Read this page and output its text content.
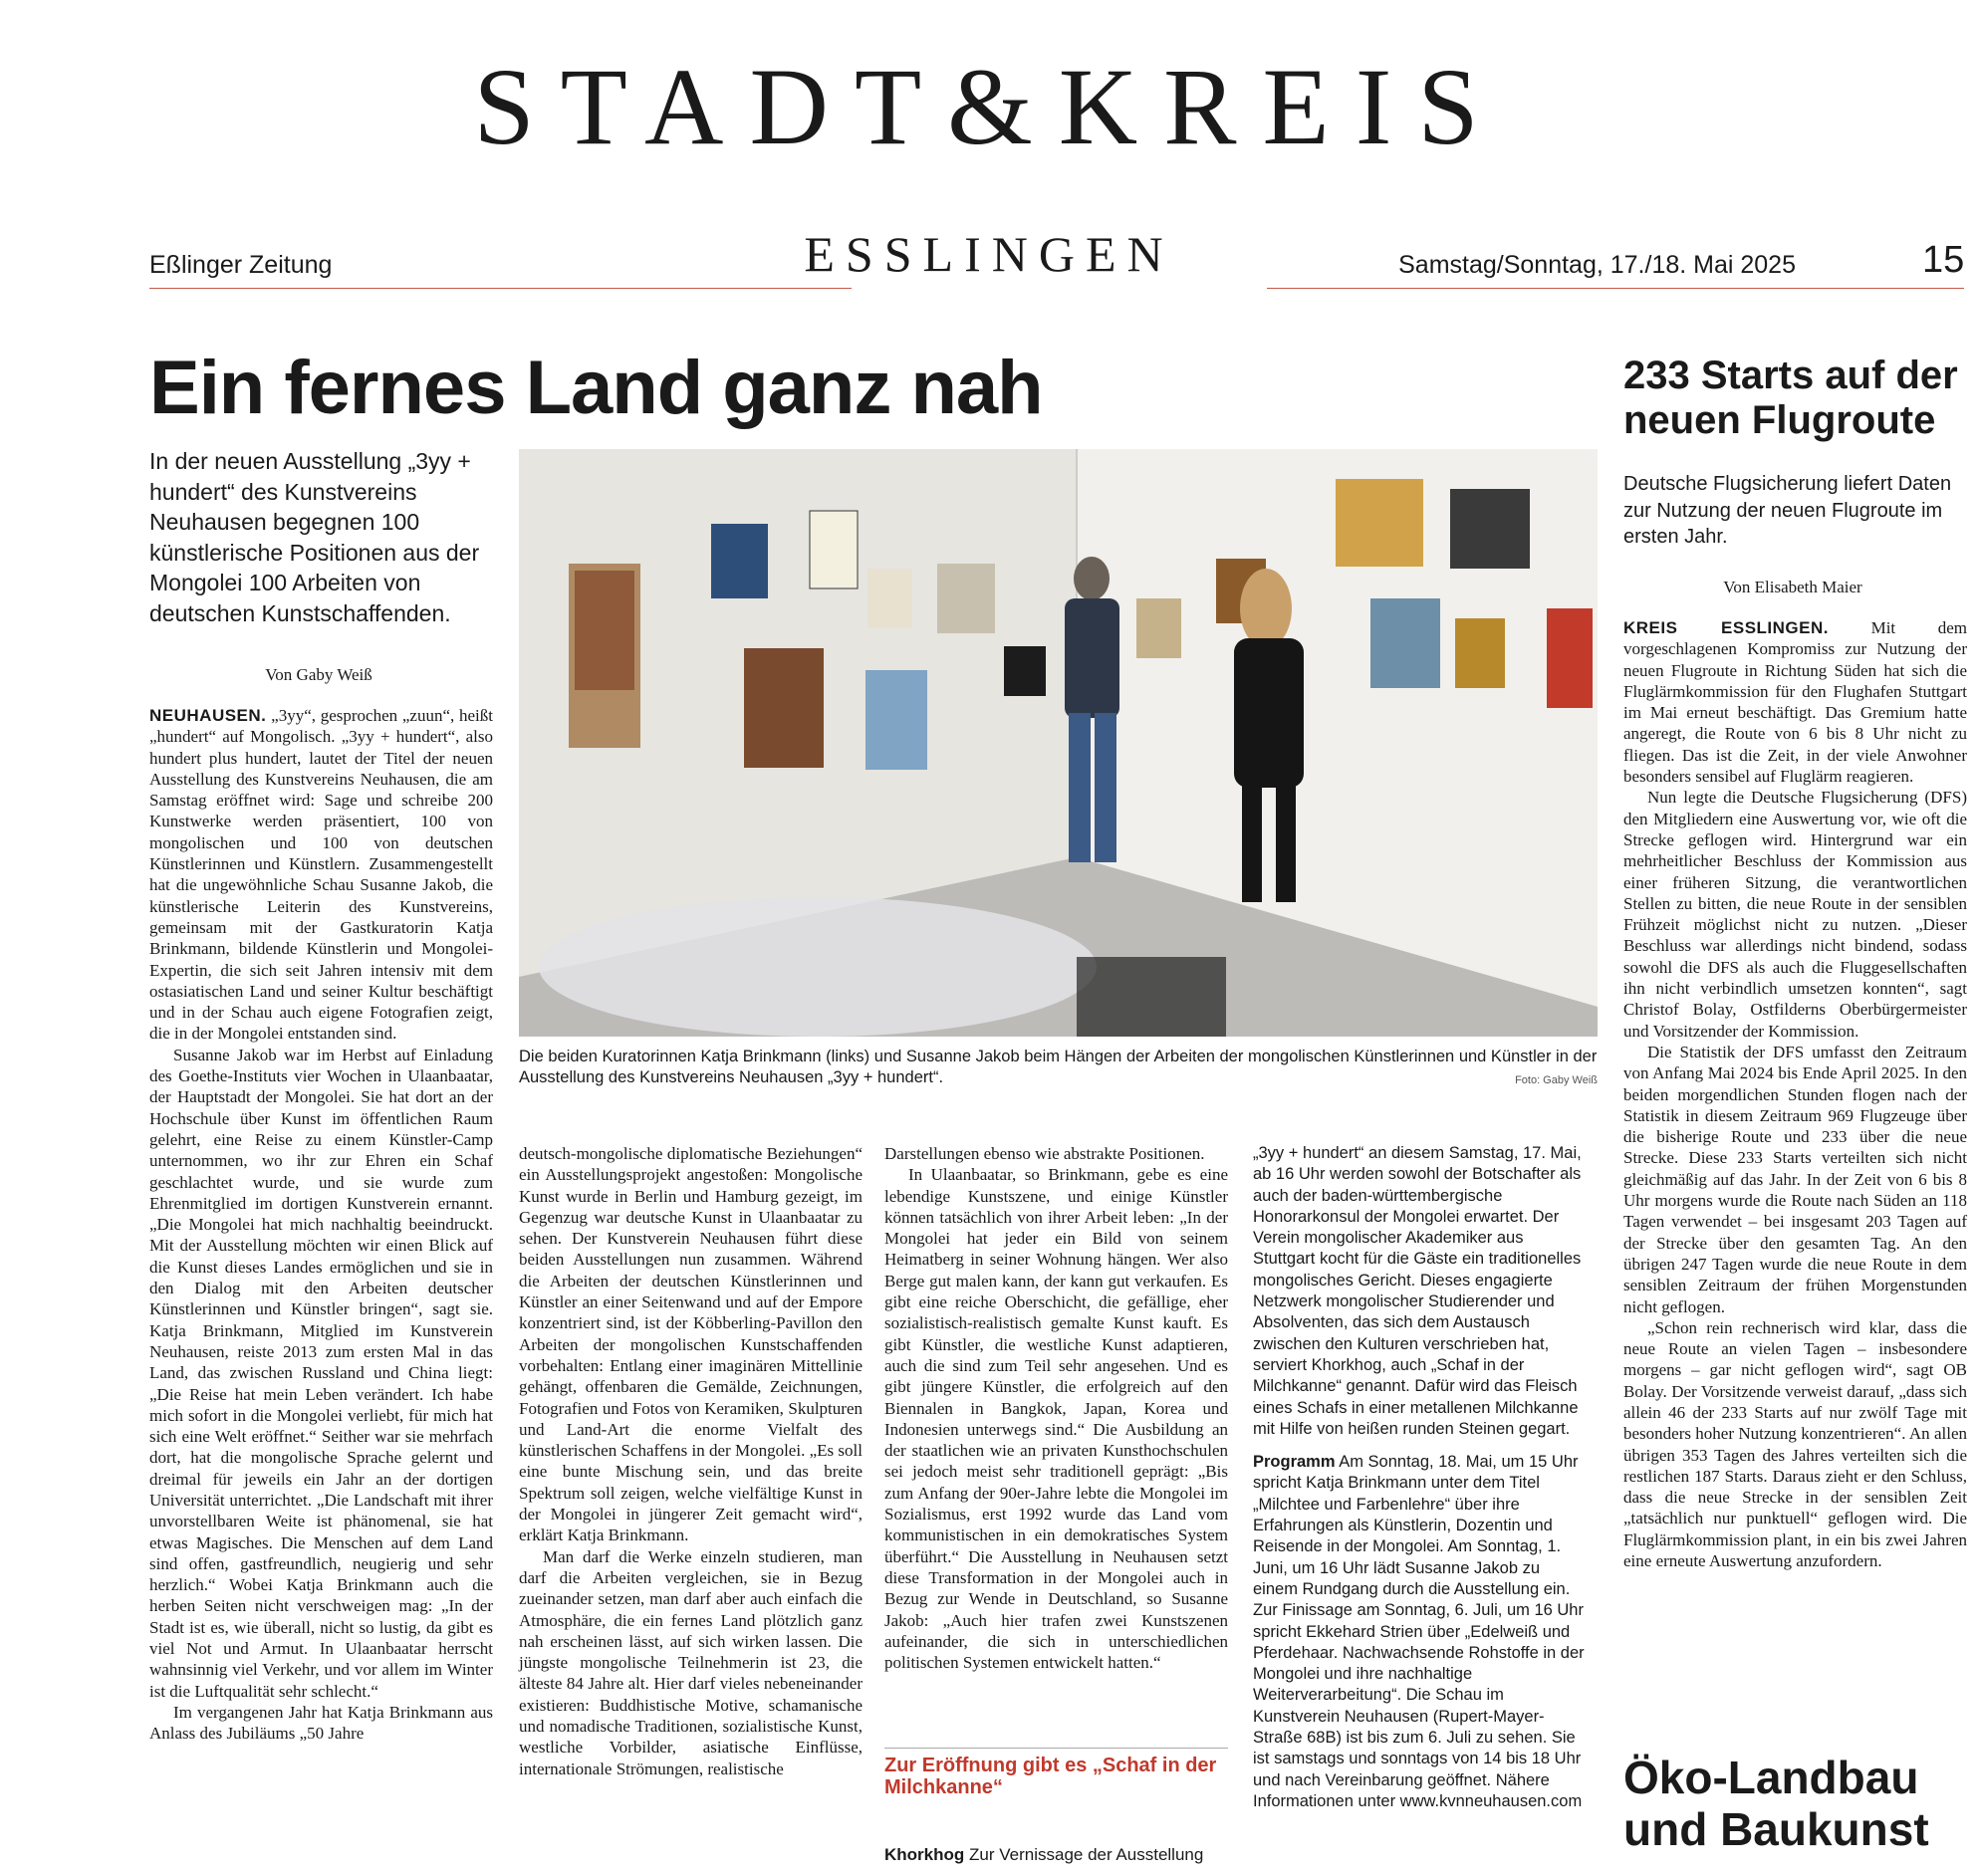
STADT&KREIS
Eßlinger Zeitung	ESSLINGEN	Samstag/Sonntag, 17./18. Mai 2025	15
Ein fernes Land ganz nah
In der neuen Ausstellung „3yy + hundert“ des Kunstvereins Neuhausen begegnen 100 künstlerische Positionen aus der Mongolei 100 Arbeiten von deutschen Kunstschaffenden.
Von Gaby Weiß
Die beiden Kuratorinnen Katja Brinkmann (links) und Susanne Jakob beim Hängen der Arbeiten der mongolischen Künstlerinnen und Künstler in der Ausstellung des Kunstvereins Neuhausen „3yy + hundert“.	Foto: Gaby Weiß

NEUHAUSEN. „3yy“, gesprochen „zuun“, heißt „hundert“ auf Mongolisch. „3yy + hundert“, also hundert plus hundert, lautet der Titel der neuen Ausstellung des Kunstvereins Neuhausen, die am Samstag eröffnet wird: Sage und schreibe 200 Kunstwerke werden präsentiert, 100 von mongolischen und 100 von deutschen Künstlerinnen und Künstlern. Zusammengestellt hat die ungewöhnliche Schau Susanne Jakob, die künstlerische Leiterin des Kunstvereins, gemeinsam mit der Gastkuratorin Katja Brinkmann, bildende Künstlerin und Mongolei-Expertin, die sich seit Jahren intensiv mit dem ostasiatischen Land und seiner Kultur beschäftigt und in der Schau auch eigene Fotografien zeigt, die in der Mongolei entstanden sind.

Susanne Jakob war im Herbst auf Einladung des Goethe-Instituts vier Wochen in Ulaanbaatar, der Hauptstadt der Mongolei. Sie hat dort an der Hochschule über Kunst im öffentlichen Raum gelehrt, eine Reise zu einem Künstler-Camp unternommen, wo ihr zur Ehren ein Schaf geschlachtet wurde, und sie wurde zum Ehrenmitglied im dortigen Kunstverein ernannt. „Die Mongolei hat mich nachhaltig beeindruckt. Mit der Ausstellung möchten wir einen Blick auf die Kunst dieses Landes ermöglichen und sie in den Dialog mit den Arbeiten deutscher Künstlerinnen und Künstler bringen“, sagt sie. Katja Brinkmann, Mitglied im Kunstverein Neuhausen, reiste 2013 zum ersten Mal in das Land, das zwischen Russland und China liegt: „Die Reise hat mein Leben verändert. Ich habe mich sofort in die Mongolei verliebt, für mich hat sich eine Welt eröffnet.“ Seither war sie mehrfach dort, hat die mongolische Sprache gelernt und dreimal für jeweils ein Jahr an der dortigen Universität unterrichtet. „Die Landschaft mit ihrer unvorstellbaren Weite ist phänomenal, sie hat etwas Magisches. Die Menschen auf dem Land sind offen, gastfreundlich, neugierig und sehr herzlich.“ Wobei Katja Brinkmann auch die herben Seiten nicht verschweigen mag: „In der Stadt ist es, wie überall, nicht so lustig, da gibt es viel Not und Armut. In Ulaanbaatar herrscht wahnsinnig viel Verkehr, und vor allem im Winter ist die Luftqualität sehr schlecht.“

Im vergangenen Jahr hat Katja Brinkmann aus Anlass des Jubiläums „50 Jahre

deutsch-mongolische diplomatische Beziehungen“ ein Ausstellungsprojekt angestoßen: Mongolische Kunst wurde in Berlin und Hamburg gezeigt, im Gegenzug war deutsche Kunst in Ulaanbaatar zu sehen. Der Kunstverein Neuhausen führt diese beiden Ausstellungen nun zusammen. Während die Arbeiten der deutschen Künstlerinnen und Künstler an einer Seitenwand und auf der Empore konzentriert sind, ist der Köbberling-Pavillon den Arbeiten der mongolischen Kunstschaffenden vorbehalten: Entlang einer imaginären Mittellinie gehängt, offenbaren die Gemälde, Zeichnungen, Fotografien und Fotos von Keramiken, Skulpturen und Land-Art die enorme Vielfalt des künstlerischen Schaffens in der Mongolei. „Es soll eine bunte Mischung sein, und das breite Spektrum soll zeigen, welche vielfältige Kunst in der Mongolei in jüngerer Zeit gemacht wird“, erklärt Katja Brinkmann.

Man darf die Werke einzeln studieren, man darf die Arbeiten vergleichen, sie in Bezug zueinander setzen, man darf aber auch einfach die Atmosphäre, die ein fernes Land plötzlich ganz nah erscheinen lässt, auf sich wirken lassen. Die jüngste mongolische Teilnehmerin ist 23, die älteste 84 Jahre alt. Hier darf vieles nebeneinander existieren: Buddhistische Motive, schamanische und nomadische Traditionen, sozialistische Kunst, westliche Vorbilder, asiatische Einflüsse, internationale Strömungen, realistische

Darstellungen ebenso wie abstrakte Positionen.

In Ulaanbaatar, so Brinkmann, gebe es eine lebendige Kunstszene, und einige Künstler können tatsächlich von ihrer Arbeit leben: „In der Mongolei hat jeder ein Bild von seinem Heimatberg in seiner Wohnung hängen. Wer also Berge gut malen kann, der kann gut verkaufen. Es gibt eine reiche Oberschicht, die gefällige, eher sozialistisch-realistisch gemalte Kunst kauft. Es gibt Künstler, die westliche Kunst adaptieren, auch die sind zum Teil sehr angesehen. Und es gibt jüngere Künstler, die erfolgreich auf den Biennalen in Bangkok, Japan, Korea und Indonesien unterwegs sind.“ Die Ausbildung an der staatlichen wie an privaten Kunsthochschulen sei jedoch meist sehr traditionell geprägt: „Bis zum Anfang der 90er-Jahre lebte die Mongolei im Sozialismus, erst 1992 wurde das Land vom kommunistischen in ein demokratisches System überführt.“ Die Ausstellung in Neuhausen setzt diese Transformation in der Mongolei auch in Bezug zur Wende in Deutschland, so Susanne Jakob: „Auch hier trafen zwei Kunstszenen aufeinander, die sich in unterschiedlichen politischen Systemen entwickelt hatten.“

Zur Eröffnung gibt es „Schaf in der Milchkanne“
Khorkhog Zur Vernissage der Ausstellung

„3yy + hundert“ an diesem Samstag, 17. Mai, ab 16 Uhr werden sowohl der Botschafter als auch der baden-württembergische Honorarkonsul der Mongolei erwartet. Der Verein mongolischer Akademiker aus Stuttgart kocht für die Gäste ein traditionelles mongolisches Gericht. Dieses engagierte Netzwerk mongolischer Studierender und Absolventen, das sich dem Austausch zwischen den Kulturen verschrieben hat, serviert Khorkhog, auch „Schaf in der Milchkanne“ genannt. Dafür wird das Fleisch eines Schafs in einer metallenen Milchkanne mit Hilfe von heißen runden Steinen gegart.

Programm Am Sonntag, 18. Mai, um 15 Uhr spricht Katja Brinkmann unter dem Titel „Milchtee und Farbenlehre“ über ihre Erfahrungen als Künstlerin, Dozentin und Reisende in der Mongolei. Am Sonntag, 1. Juni, um 16 Uhr lädt Susanne Jakob zu einem Rundgang durch die Ausstellung ein. Zur Finissage am Sonntag, 6. Juli, um 16 Uhr spricht Ekkehard Strien über „Edelweiß und Pferdehaar. Nachwachsende Rohstoffe in der Mongolei und ihre nachhaltige Weiterverarbeitung“. Die Schau im Kunstverein Neuhausen (Rupert-Mayer-Straße 68B) ist bis zum 6. Juli zu sehen. Sie ist samstags und sonntags von 14 bis 18 Uhr und nach Vereinbarung geöffnet. Nähere Informationen unter www.kvnneuhausen.com

233 Starts auf der neuen Flugroute
Deutsche Flugsicherung liefert Daten zur Nutzung der neuen Flugroute im ersten Jahr.
Von Elisabeth Maier

KREIS ESSLINGEN.	Mit dem vorgeschlagenen Kompromiss zur Nutzung der neuen Flugroute in Richtung Süden hat sich die Fluglärmkommission für den Flughafen Stuttgart im Mai erneut beschäftigt. Das Gremium hatte angeregt, die Route von 6 bis 8 Uhr nicht zu fliegen. Das ist die Zeit, in der viele Anwohner besonders sensibel auf Fluglärm reagieren.

Nun legte die Deutsche Flugsicherung (DFS) den Mitgliedern eine Auswertung vor, wie oft die Strecke geflogen wird. Hintergrund war ein mehrheitlicher Beschluss der Kommission aus einer früheren Sitzung, die verantwortlichen Stellen zu bitten, die neue Route in der sensiblen Frühzeit möglichst nicht zu nutzen. „Dieser Beschluss war allerdings nicht bindend, sodass sowohl die DFS als auch die Fluggesellschaften ihn nicht verbindlich umsetzen konnten“, sagt Christof Bolay, Ostfilderns Oberbürgermeister und Vorsitzender der Kommission.

Die Statistik der DFS umfasst den Zeitraum von Anfang Mai 2024 bis Ende April 2025. In den beiden morgendlichen Stunden flogen nach der Statistik in diesem Zeitraum 969 Flugzeuge über die bisherige Route und 233 über die neue Strecke. Diese 233 Starts verteilten sich nicht gleichmäßig auf das Jahr. In der Zeit von 6 bis 8 Uhr morgens wurde die Route nach Süden an 118 Tagen verwendet – bei insgesamt 203 Tagen auf der Strecke über den gesamten Tag. An den übrigen 247 Tagen wurde die neue Route in dem sensiblen Zeitraum der frühen Morgenstunden nicht geflogen.

„Schon rein rechnerisch wird klar, dass die neue Route an vielen Tagen – insbesondere morgens – gar nicht geflogen wird“, sagt OB Bolay. Der Vorsitzende verweist darauf, „dass sich allein 46 der 233 Starts auf nur zwölf Tage mit besonders hoher Nutzung konzentrieren“. An allen übrigen 353 Tagen des Jahres verteilten sich die restlichen 187 Starts. Daraus zieht er den Schluss, dass die neue Strecke in der sensiblen Zeit „tatsächlich nur punktuell“ geflogen wird. Die Fluglärmkommission plant, in ein bis zwei Jahren eine erneute Auswertung anzufordern.

Öko-Landbau und Baukunst
